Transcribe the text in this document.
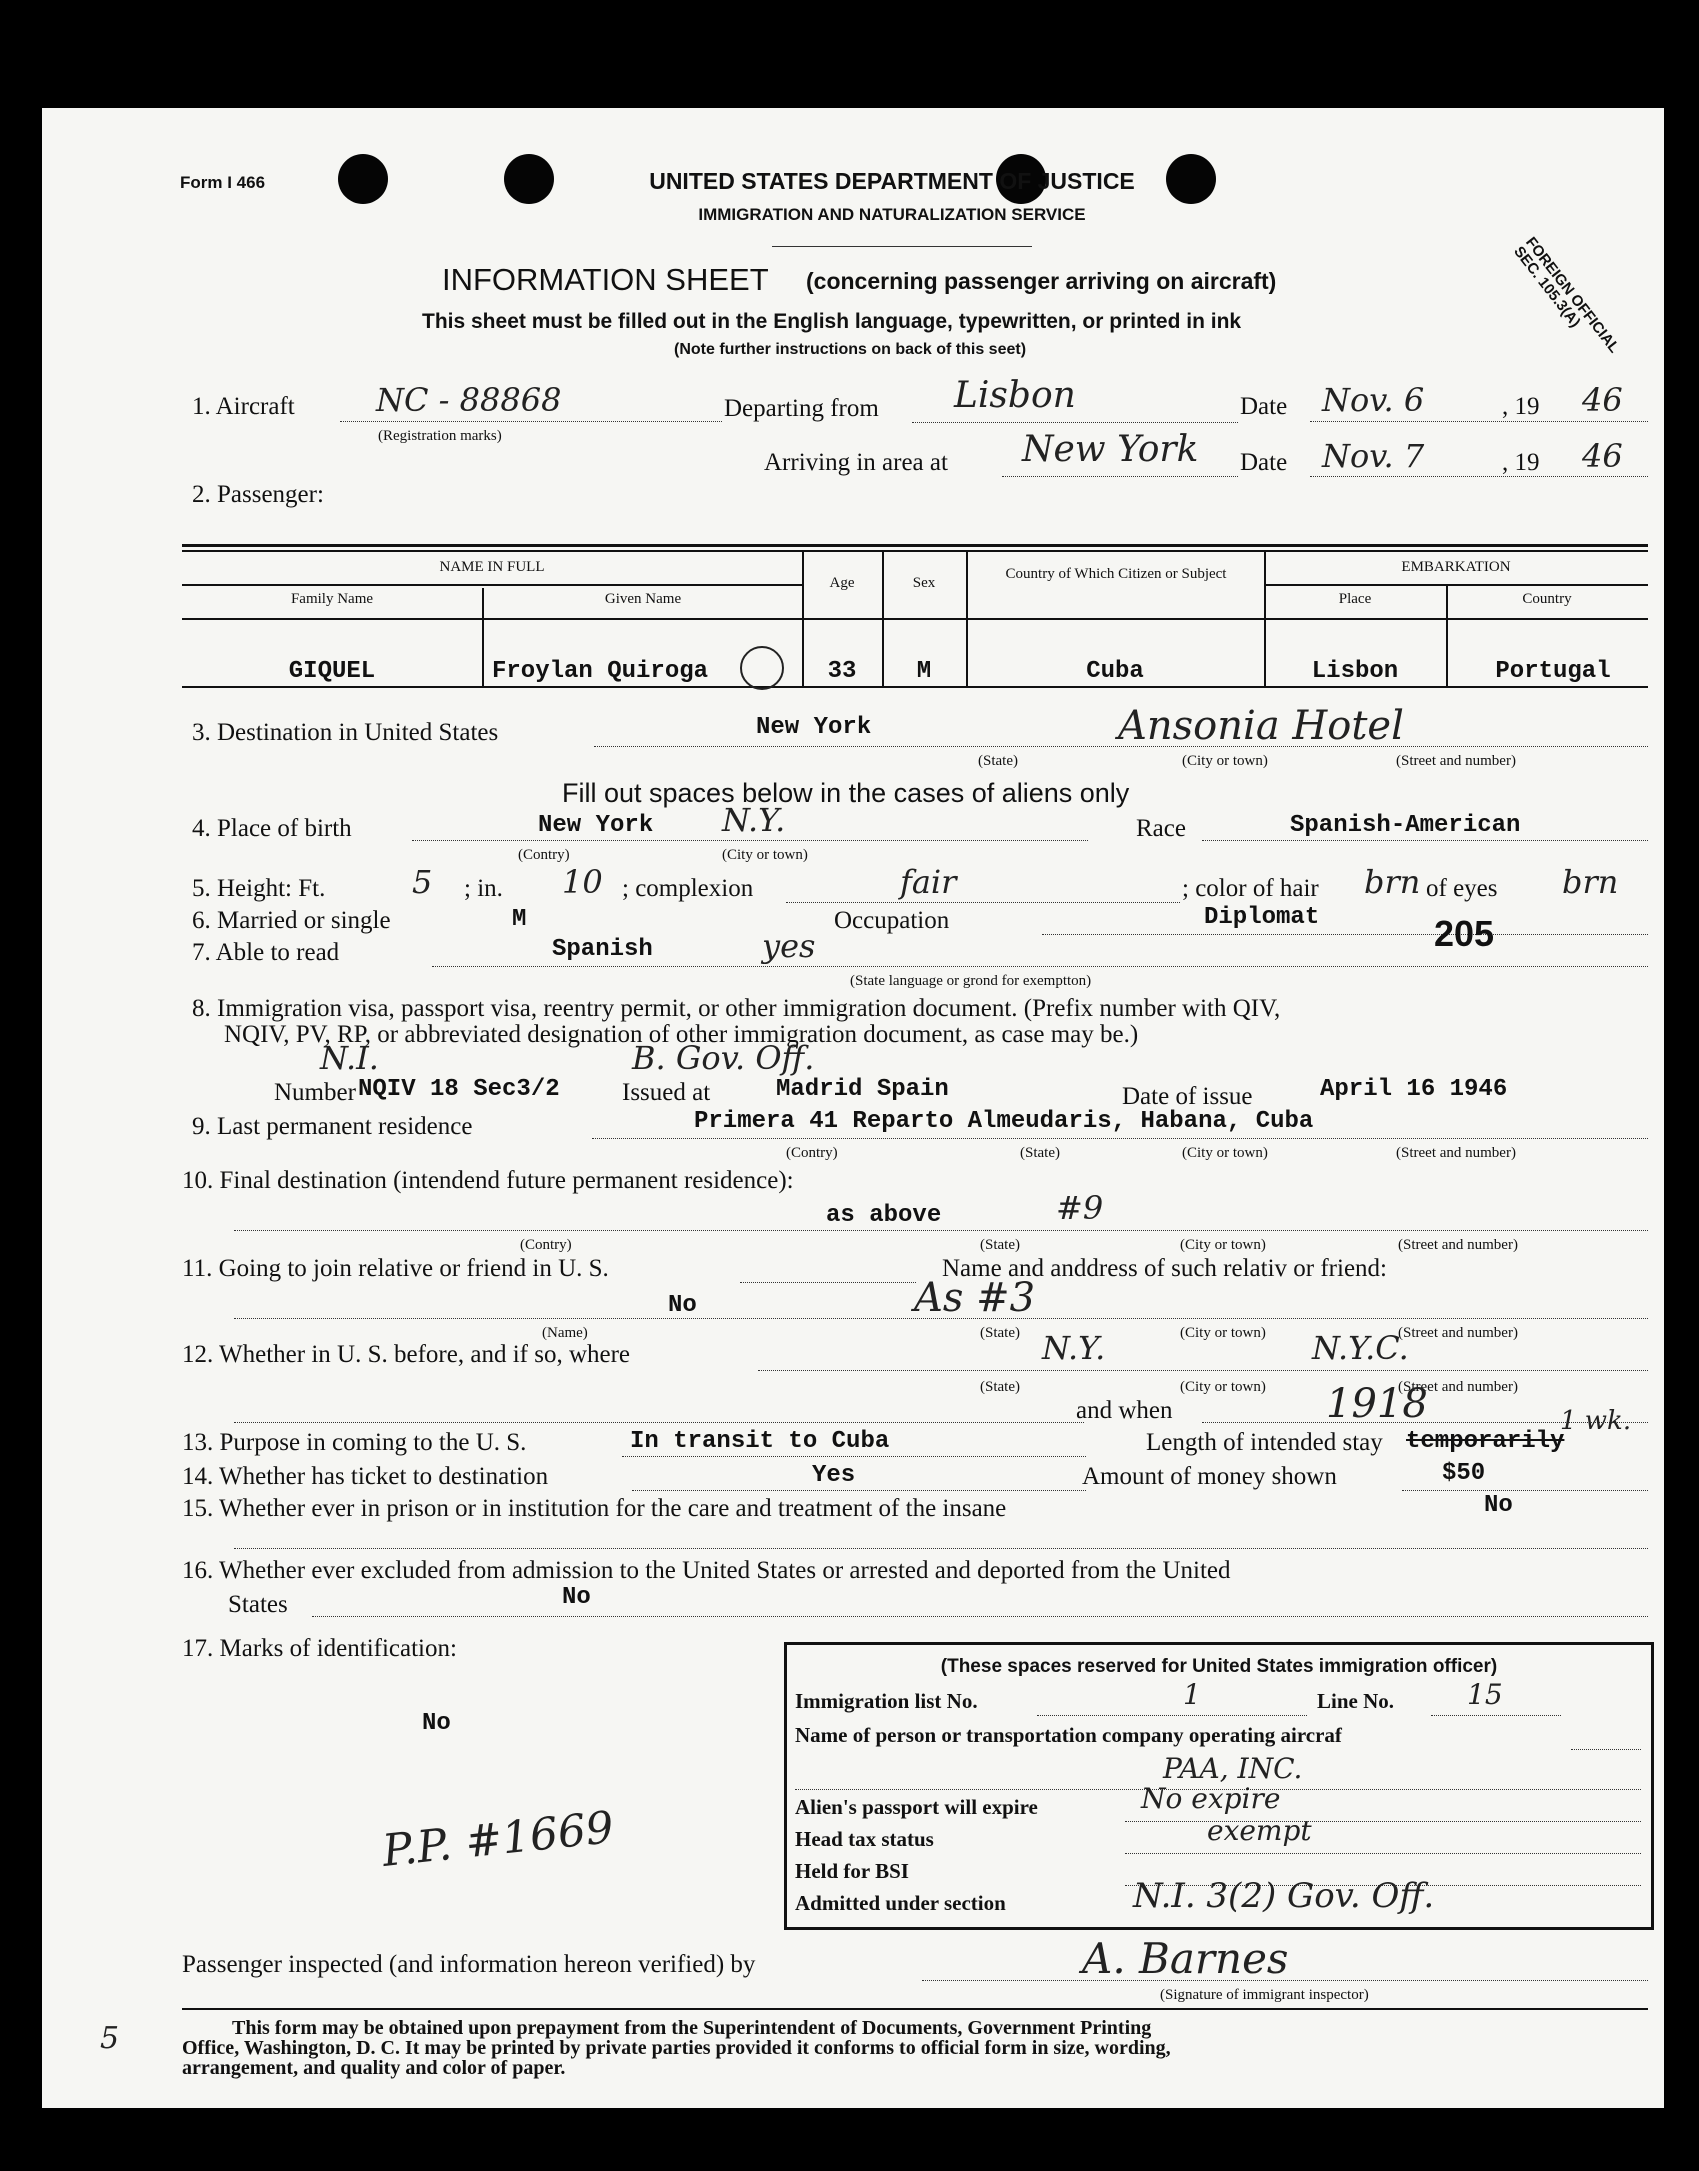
Form I 466	UNITED STATES DEPARTMENT OF JUSTICE
IMMIGRATION AND NATURALIZATION SERVICE
INFORMATION SHEET (concerning passenger arriving on aircraft)
This sheet must be filled out in the English language, typewritten, or printed in ink
(Note further instructions on back of this seet)	FOREIGN OFFICIAL SEC. 105.3(A)
1. Aircraft	NC - 88868
(Registration marks)
Departing from Lisbon	Date Nov. 6	, 19 46
Arriving in area at New York Date Nov. 7	, 19 46
2. Passenger:
NAME IN FULL
Family Name	Given Name
Age	Sex
Country of Which Citizen or Subject	EMBARKATION
Place	Country
GIQUEL	Froylan Quiroga	33	M	Cuba	Lisbon	Portugal
3. Destination in United States	New York	Ansonia Hotel
(State)	(City or town)	(Street and number)
Fill out spaces below in the cases of aliens only
4. Place of birth	New York N.Y.
(Contry)	(City or town)
Race	Spanish-American
5. Height: Ft.	5 ; in. 10 ; complexion	fair	; color of hair brn of eyes brn
6. Married or single	M	Occupation	Diplomat	205
7. Able to read	Spanish	yes
(State language or grond for exemptton)
8. Immigration visa, passport visa, reentry permit, or other immigration document. (Prefix number with QIV,
NQIV, PV, RP, or abbreviated designation of other immigration document, as case may be.)
N.I.	B. Gov. Off.
Number NQIV 18 Sec3/2 Issued at	Madrid Spain	Date of issue	April 16 1946
9. Last permanent residence	Primera 41 Reparto Almeudaris, Habana, Cuba
(Contry)	(State)	(City or town)	(Street and number)
10. Final destination (intendend future permanent residence):
as above	#9
(Contry)	(State)	(City or town)	(Street and number)
11. Going to join relative or friend in U. S.	Name and anddress of such relativ or friend:
No	As #3
(Name)	(State)	(City or town)	(Street and number)
12. Whether in U. S. before, and if so, where	N.Y.	N.Y.C.
(State)	(City or town)	(Street and number)
and when	1918
13. Purpose in coming to the U. S.	In transit to Cuba	Length of intended stay temporarily
1 wk.
14. Whether has ticket to destination	Yes	Amount of money shown	$50
15. Whether ever in prison or in institution for the care and treatment of the insane	No
16. Whether ever excluded from admission to the United States or arrested and deported from the United
States	No
17. Marks of identification:
No
P.P. #1669
(These spaces reserved for United States immigration officer)
Immigration list No.	1	Line No.	15
Name of person or transportation company operating aircraf
PAA, INC.
Alien's passport will expire	No expire
Head tax status	exempt
Held for BSI
Admitted under section	N.I. 3(2) Gov. Off.
Passenger inspected (and information hereon verified) by	A. Barnes
(Signature of immigrant inspector)
This form may be obtained upon prepayment from the Superintendent of Documents, Government Printing
Office, Washington, D. C. It may be printed by private parties provided it conforms to official form in size, wording,
arrangement, and quality and color of paper.
5
